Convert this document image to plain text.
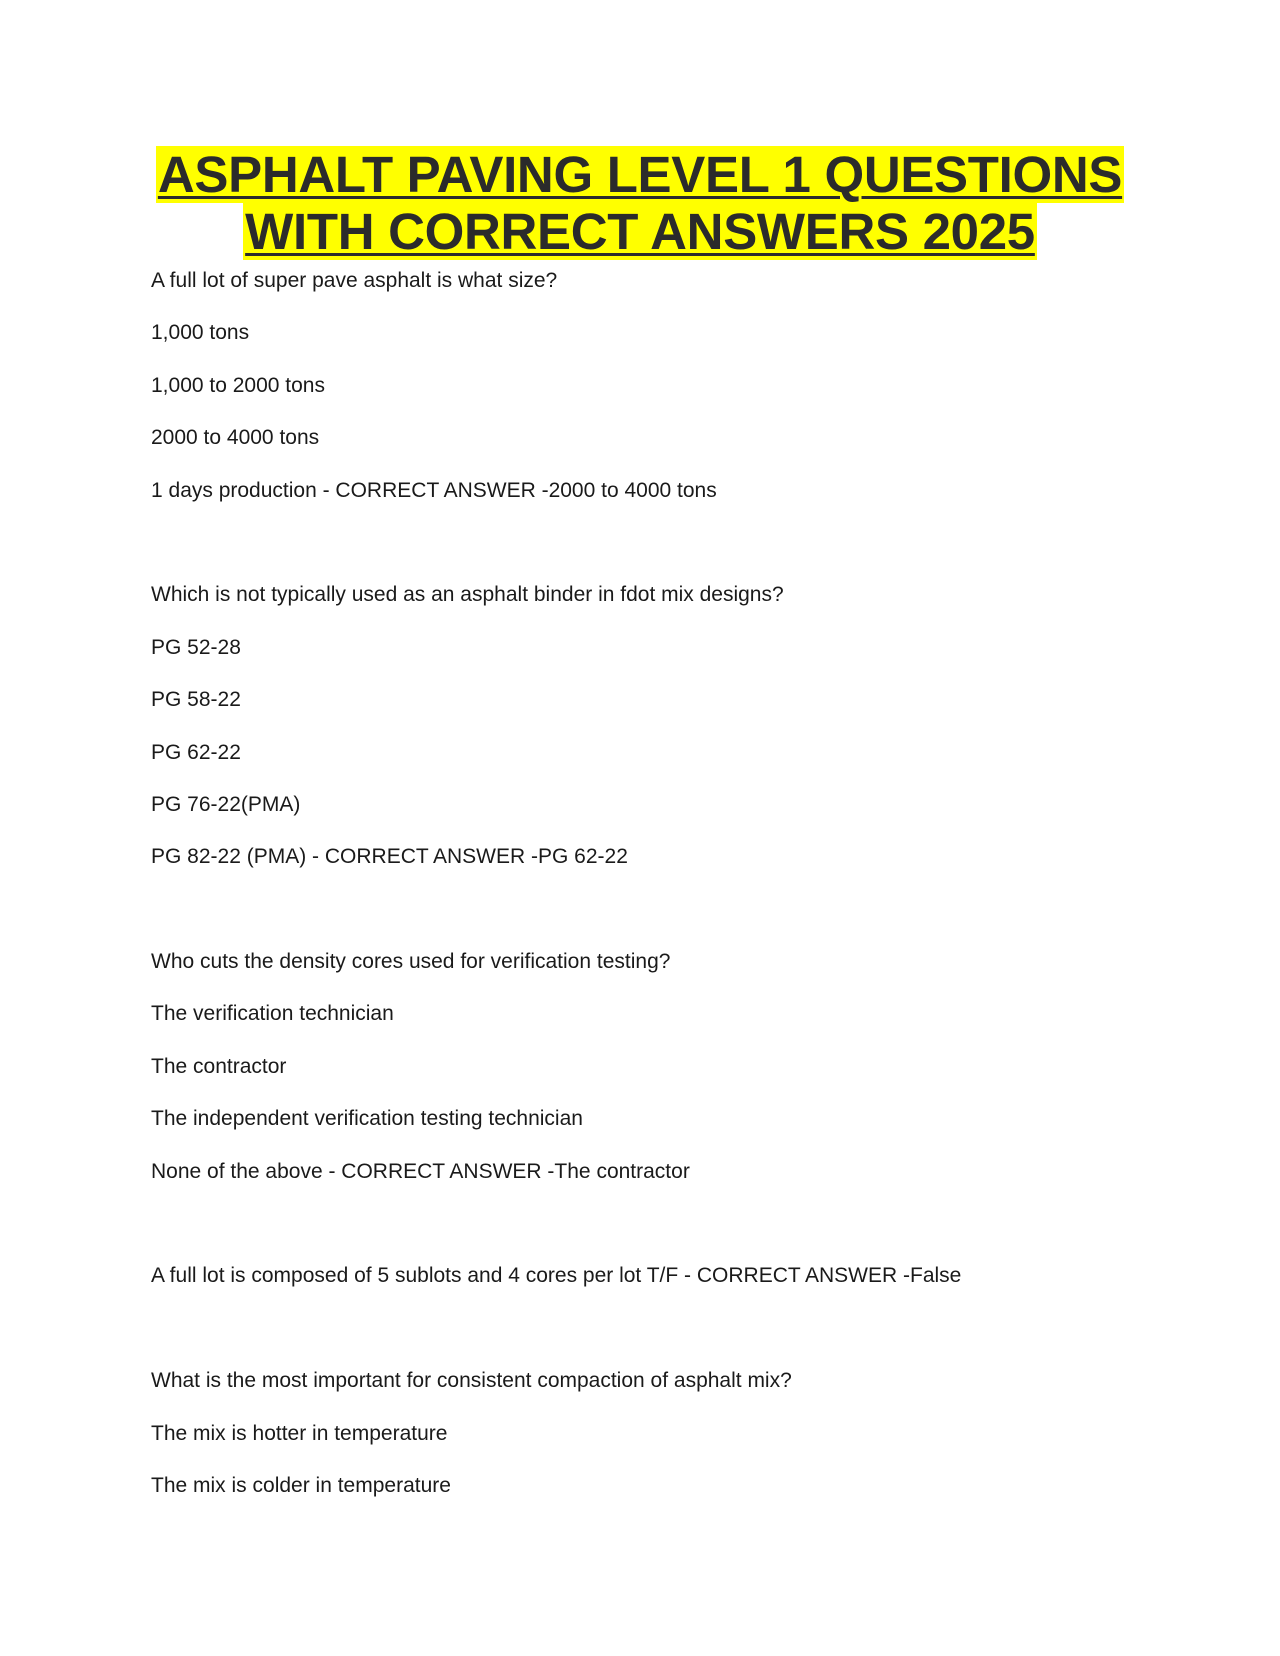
ASPHALT PAVING LEVEL 1 QUESTIONS
WITH CORRECT ANSWERS 2025
A full lot of super pave asphalt is what size?
1,000 tons
1,000 to 2000 tons
2000 to 4000 tons
1 days production - CORRECT ANSWER -2000 to 4000 tons
Which is not typically used as an asphalt binder in fdot mix designs?
PG 52-28
PG 58-22
PG 62-22
PG 76-22(PMA)
PG 82-22 (PMA) - CORRECT ANSWER -PG 62-22
Who cuts the density cores used for verification testing?
The verification technician
The contractor
The independent verification testing technician
None of the above - CORRECT ANSWER -The contractor
A full lot is composed of 5 sublots and 4 cores per lot T/F - CORRECT ANSWER -False
What is the most important for consistent compaction of asphalt mix?
The mix is hotter in temperature
The mix is colder in temperature
